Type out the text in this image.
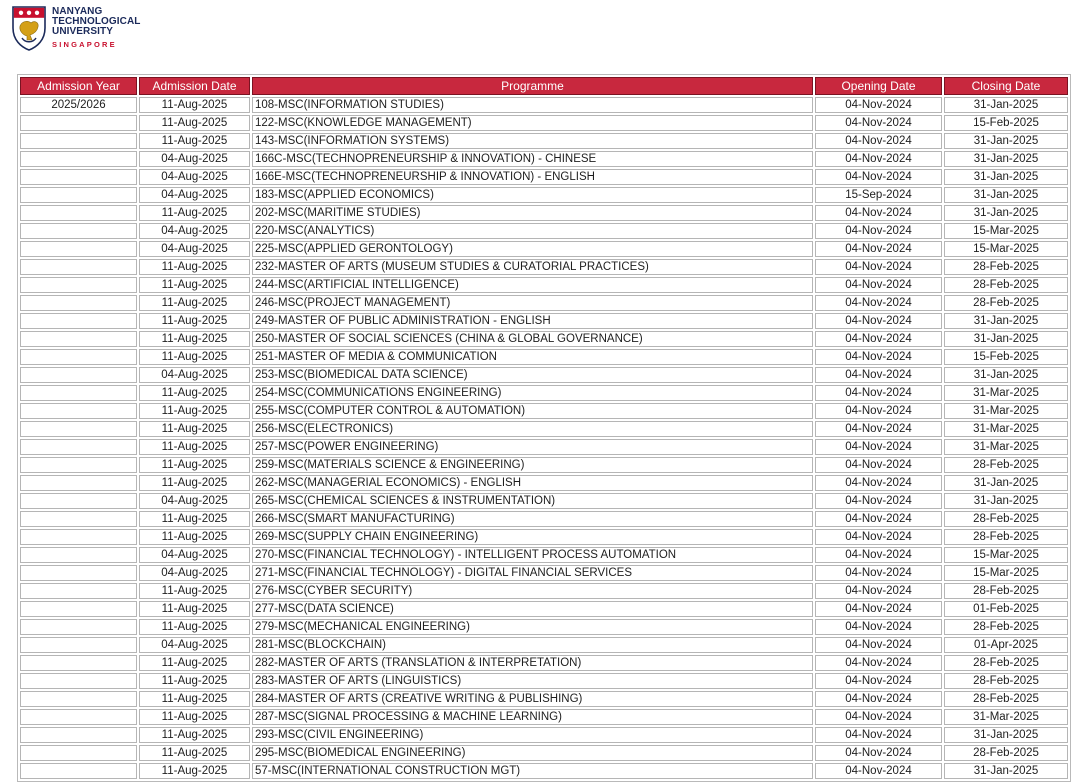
NANYANG
TECHNOLOGICAL
UNIVERSITY
SINGAPORE
Admission Year	Admission Date	Programme	Opening Date	Closing Date
2025/2026	11-Aug-2025	108-MSC(INFORMATION STUDIES)	04-Nov-2024	31-Jan-2025
	11-Aug-2025	122-MSC(KNOWLEDGE MANAGEMENT)	04-Nov-2024	15-Feb-2025
	11-Aug-2025	143-MSC(INFORMATION SYSTEMS)	04-Nov-2024	31-Jan-2025
	04-Aug-2025	166C-MSC(TECHNOPRENEURSHIP & INNOVATION) - CHINESE	04-Nov-2024	31-Jan-2025
	04-Aug-2025	166E-MSC(TECHNOPRENEURSHIP & INNOVATION) - ENGLISH	04-Nov-2024	31-Jan-2025
	04-Aug-2025	183-MSC(APPLIED ECONOMICS)	15-Sep-2024	31-Jan-2025
	11-Aug-2025	202-MSC(MARITIME STUDIES)	04-Nov-2024	31-Jan-2025
	04-Aug-2025	220-MSC(ANALYTICS)	04-Nov-2024	15-Mar-2025
	04-Aug-2025	225-MSC(APPLIED GERONTOLOGY)	04-Nov-2024	15-Mar-2025
	11-Aug-2025	232-MASTER OF ARTS (MUSEUM STUDIES & CURATORIAL PRACTICES)	04-Nov-2024	28-Feb-2025
	11-Aug-2025	244-MSC(ARTIFICIAL INTELLIGENCE)	04-Nov-2024	28-Feb-2025
	11-Aug-2025	246-MSC(PROJECT MANAGEMENT)	04-Nov-2024	28-Feb-2025
	11-Aug-2025	249-MASTER OF PUBLIC ADMINISTRATION - ENGLISH	04-Nov-2024	31-Jan-2025
	11-Aug-2025	250-MASTER OF SOCIAL SCIENCES (CHINA & GLOBAL GOVERNANCE)	04-Nov-2024	31-Jan-2025
	11-Aug-2025	251-MASTER OF MEDIA & COMMUNICATION	04-Nov-2024	15-Feb-2025
	04-Aug-2025	253-MSC(BIOMEDICAL DATA SCIENCE)	04-Nov-2024	31-Jan-2025
	11-Aug-2025	254-MSC(COMMUNICATIONS ENGINEERING)	04-Nov-2024	31-Mar-2025
	11-Aug-2025	255-MSC(COMPUTER CONTROL & AUTOMATION)	04-Nov-2024	31-Mar-2025
	11-Aug-2025	256-MSC(ELECTRONICS)	04-Nov-2024	31-Mar-2025
	11-Aug-2025	257-MSC(POWER ENGINEERING)	04-Nov-2024	31-Mar-2025
	11-Aug-2025	259-MSC(MATERIALS SCIENCE & ENGINEERING)	04-Nov-2024	28-Feb-2025
	11-Aug-2025	262-MSC(MANAGERIAL ECONOMICS) - ENGLISH	04-Nov-2024	31-Jan-2025
	04-Aug-2025	265-MSC(CHEMICAL SCIENCES & INSTRUMENTATION)	04-Nov-2024	31-Jan-2025
	11-Aug-2025	266-MSC(SMART MANUFACTURING)	04-Nov-2024	28-Feb-2025
	11-Aug-2025	269-MSC(SUPPLY CHAIN ENGINEERING)	04-Nov-2024	28-Feb-2025
	04-Aug-2025	270-MSC(FINANCIAL TECHNOLOGY) - INTELLIGENT PROCESS AUTOMATION	04-Nov-2024	15-Mar-2025
	04-Aug-2025	271-MSC(FINANCIAL TECHNOLOGY) - DIGITAL FINANCIAL SERVICES	04-Nov-2024	15-Mar-2025
	11-Aug-2025	276-MSC(CYBER SECURITY)	04-Nov-2024	28-Feb-2025
	11-Aug-2025	277-MSC(DATA SCIENCE)	04-Nov-2024	01-Feb-2025
	11-Aug-2025	279-MSC(MECHANICAL ENGINEERING)	04-Nov-2024	28-Feb-2025
	04-Aug-2025	281-MSC(BLOCKCHAIN)	04-Nov-2024	01-Apr-2025
	11-Aug-2025	282-MASTER OF ARTS (TRANSLATION & INTERPRETATION)	04-Nov-2024	28-Feb-2025
	11-Aug-2025	283-MASTER OF ARTS (LINGUISTICS)	04-Nov-2024	28-Feb-2025
	11-Aug-2025	284-MASTER OF ARTS (CREATIVE WRITING & PUBLISHING)	04-Nov-2024	28-Feb-2025
	11-Aug-2025	287-MSC(SIGNAL PROCESSING & MACHINE LEARNING)	04-Nov-2024	31-Mar-2025
	11-Aug-2025	293-MSC(CIVIL ENGINEERING)	04-Nov-2024	31-Jan-2025
	11-Aug-2025	295-MSC(BIOMEDICAL ENGINEERING)	04-Nov-2024	28-Feb-2025
	11-Aug-2025	57-MSC(INTERNATIONAL CONSTRUCTION MGT)	04-Nov-2024	31-Jan-2025
